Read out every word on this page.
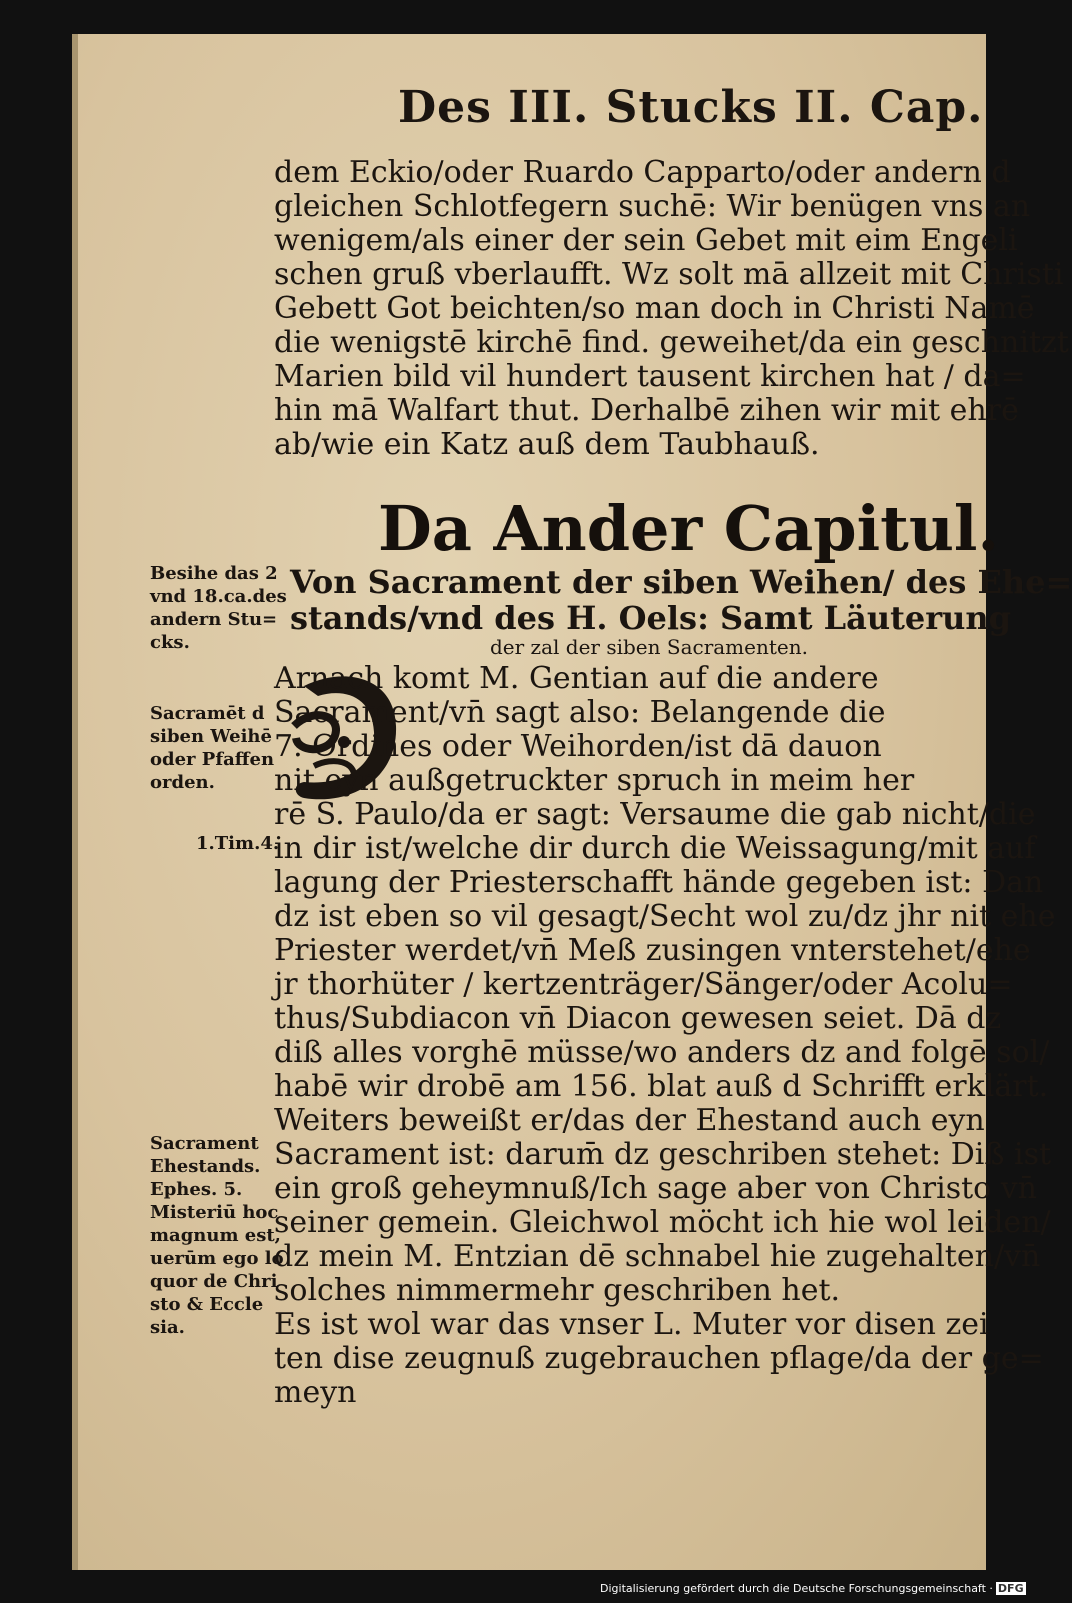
Des III. Stucks II. Cap.
dem Eckio/oder Ruardo Capparto/oder andern d
gleichen Schlotfegern suchē: Wir benügen vns an
wenigem/als einer der sein Gebet mit eim Engeli
schen gruß vberlaufft. Wz solt mā allzeit mit Christi
Gebett Got beichten/so man doch in Christi Namē
die wenigstē kirchē find. geweihet/da ein geschnitzt
Marien bild vil hundert tausent kirchen hat / da=
hin mā Walfart thut. Derhalbē zihen wir mit ehrē
ab/wie ein Katz auß dem Taubhauß.
Da Ander Capitul.
Von Sacrament der siben Weihen/ des Ehe=
stands/vnd des H. Oels: Samt Läuterung
der zal der siben Sacramenten.
Arnach komt M. Gentian auf die andere
Sacrament/vn̄ sagt also: Belangende die
7. Ordines oder Weihorden/ist dā dauon
nit eyn außgetruckter spruch in meim her
rē S. Paulo/da er sagt: Versaume die gab nicht/die
in dir ist/welche dir durch die Weissagung/mit auf
lagung der Priesterschafft hände gegeben ist: Dan
dz ist eben so vil gesagt/Secht wol zu/dz jhr nit ehe
Priester werdet/vn̄ Meß zusingen vnterstehet/ehe
jr thorhüter / kertzenträger/Sänger/oder Acolu=
thus/Subdiacon vn̄ Diacon gewesen seiet. Dā dz
diß alles vorghē müsse/wo anders dz and folgē sol/
habē wir drobē am 156. blat auß d Schrifft erklärt.
Weiters beweißt er/das der Ehestand auch eyn
Sacrament ist: darum̄ dz geschriben stehet: Diß ist
ein groß geheymnuß/Ich sage aber von Christo vn̄
seiner gemein. Gleichwol möcht ich hie wol leiden/
dz mein M. Entzian dē schnabel hie zugehalten/vn̄
solches nimmermehr geschriben het.
Es ist wol war das vnser L. Muter vor disen zei
ten dise zeugnuß zugebrauchen pflage/da der ge=
meyn
Besihe das 2
vnd 18.ca.des
andern Stu=
cks.
Sacramēt d
siben Weihē
oder Pfaffen
orden.
1.Tim.4.
Sacrament
Ehestands.
Ephes. 5.
Misteriū hoc
magnum est,
uerūm ego lo
quor de Chri
sto & Eccle
sia.
Digitalisierung gefördert durch die Deutsche Forschungsgemeinschaft · DFG
